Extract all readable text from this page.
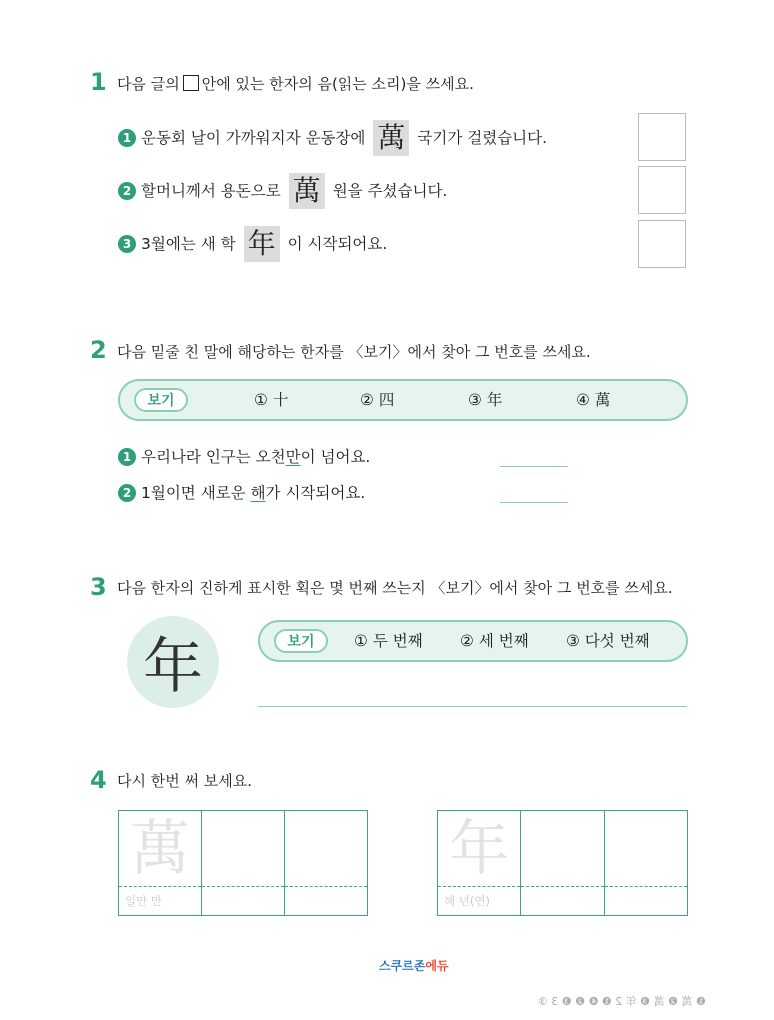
1 다음 글의 안에 있는 한자의 음(읽는 소리)을 쓰세요.
1 운동회 날이 가까워지자 운동장에 萬 국기가 걸렸습니다.
2 할머니께서 용돈으로 萬 원을 주셨습니다.
3 3월에는 새 학 年 이 시작되어요.
2 다음 밑줄 친 말에 해당하는 한자를 〈보기〉에서 찾아 그 번호를 쓰세요.
보기	① 十	② 四	③ 年	④ 萬
1 우리나라 인구는 오천 만 이 넘어요.
2 1월이면 새로운 해 가 시작되어요.
3 다음 한자의 진하게 표시한 획은 몇 번째 쓰는지 〈보기〉에서 찾아 그 번호를 쓰세요.
年	보기	① 두 번째 ② 세 번째 ③ 다섯 번째
4 다시 한번 써 보세요.
萬
일만 만
年
해 년(연)
스쿠르존에듀
❶ 萬 ❷ 萬 ❸ 年 2 ❶ ❹ ❷ ❸ 3 ③
